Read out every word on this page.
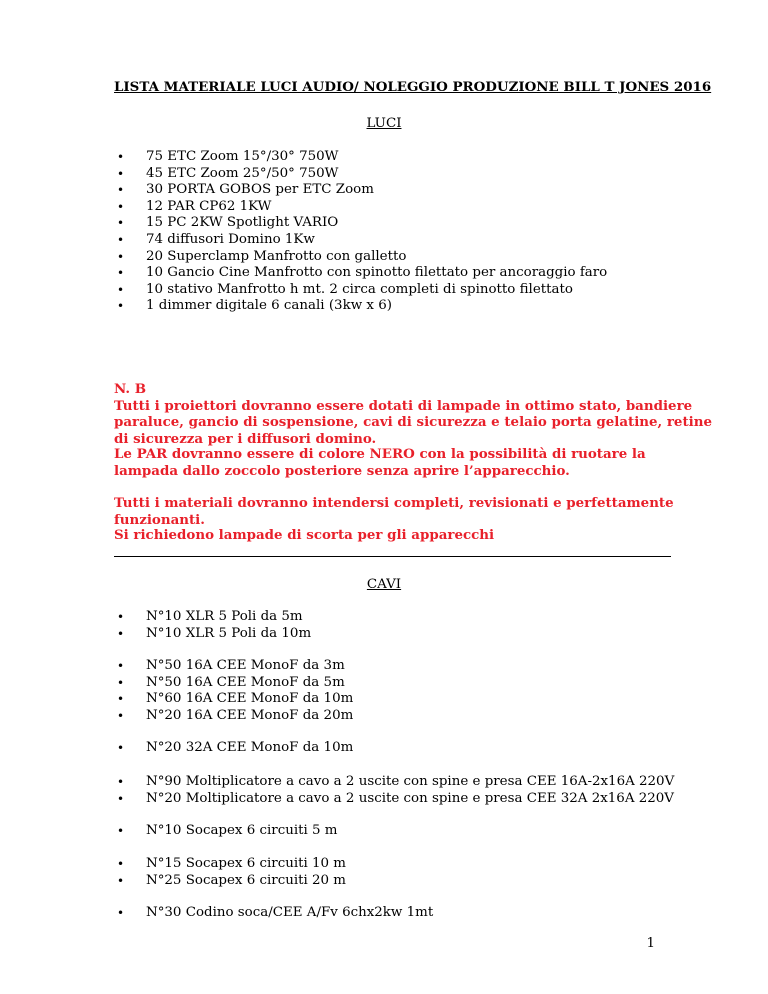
LISTA MATERIALE LUCI AUDIO/ NOLEGGIO PRODUZIONE BILL T JONES 2016
LUCI
• 75 ETC Zoom 15°/30° 750W
• 45 ETC Zoom 25°/50° 750W
• 30 PORTA GOBOS per ETC Zoom
• 12 PAR CP62 1KW
• 15 PC 2KW Spotlight VARIO
• 74 diffusori Domino 1Kw
• 20 Superclamp Manfrotto con galletto
• 10 Gancio Cine Manfrotto con spinotto filettato per ancoraggio faro
• 10 stativo Manfrotto h mt. 2 circa completi di spinotto filettato
• 1 dimmer digitale 6 canali (3kw x 6)

N. B

Tutti i proiettori dovranno essere dotati di lampade in ottimo stato, bandiere paraluce, gancio di sospensione, cavi di sicurezza e telaio porta gelatine, retine di sicurezza per i diffusori domino.

Le PAR dovranno essere di colore NERO con la possibilità di ruotare la lampada dallo zoccolo posteriore senza aprire l’apparecchio.

Tutti i materiali dovranno intendersi completi, revisionati e perfettamente funzionanti.

Si richiedono lampade di scorta per gli apparecchi

CAVI
• N°10 XLR 5 Poli da 5m
• N°10 XLR 5 Poli da 10m
• N°50 16A CEE MonoF da 3m
• N°50 16A CEE MonoF da 5m
• N°60 16A CEE MonoF da 10m
• N°20 16A CEE MonoF da 20m
• N°20 32A CEE MonoF da 10m
• N°90 Moltiplicatore a cavo a 2 uscite con spine e presa CEE 16A-2x16A 220V
• N°20 Moltiplicatore a cavo a 2 uscite con spine e presa CEE 32A 2x16A 220V
• N°10 Socapex 6 circuiti 5 m
• N°15 Socapex 6 circuiti 10 m
• N°25 Socapex 6 circuiti 20 m
• N°30 Codino soca/CEE A/Fv 6chx2kw 1mt
1
